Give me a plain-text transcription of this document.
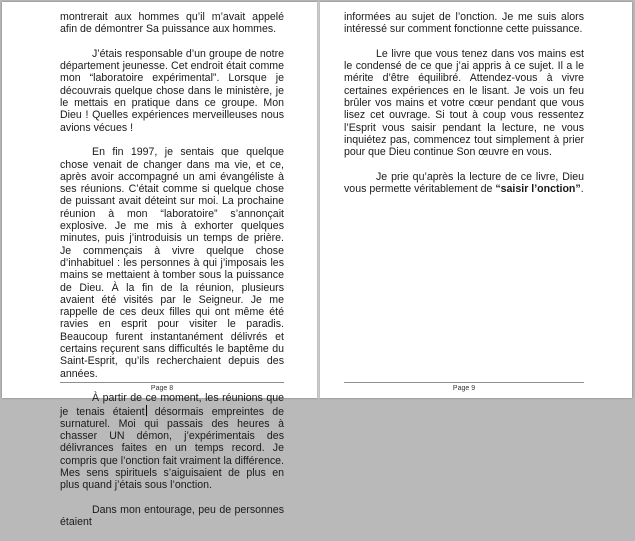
montrerait aux hommes qu’il m’avait appelé afin de démontrer Sa puissance aux hommes.

J’étais responsable d’un groupe de notre département jeunesse. Cet endroit était comme mon “laboratoire expérimental”. Lorsque je découvrais quelque chose dans le ministère, je le mettais en pratique dans ce groupe. Mon Dieu ! Quelles expériences merveilleuses nous avions vécues !

En fin 1997, je sentais que quelque chose venait de changer dans ma vie, et ce, après avoir accompagné un ami évangéliste à ses réunions. C’était comme si quelque chose de puissant avait déteint sur moi. La prochaine réunion à mon “laboratoire” s’annonçait explosive. Je me mis à exhorter quelques minutes, puis j’introduisis un temps de prière. Je commençais à vivre quelque chose d’inhabituel : les personnes à qui j’imposais les mains se mettaient à tomber sous la puissance de Dieu. À la fin de la réunion, plusieurs avaient été visités par le Seigneur. Je me rappelle de ces deux filles qui ont même été ravies en esprit pour visiter le paradis. Beaucoup furent instantanément délivrés et certains reçurent sans difficultés le baptême du Saint-Esprit, qu’ils recherchaient depuis des années.

À partir de ce moment, les réunions que je tenais étaient désormais empreintes de surnaturel. Moi qui passais des heures à chasser UN démon, j’expérimentais des délivrances faites en un temps record. Je compris que l’onction fait vraiment la différence. Mes sens spirituels s’aiguisaient de plus en plus quand j’étais sous l’onction.

Dans mon entourage, peu de personnes étaient

Page 8

informées au sujet de l’onction. Je me suis alors intéressé sur comment fonctionne cette puissance.

Le livre que vous tenez dans vos mains est le condensé de ce que j’ai appris à ce sujet. Il a le mérite d’être équilibré. Attendez-vous à vivre certaines expériences en le lisant. Je vois un feu brûler vos mains et votre cœur pendant que vous lisez cet ouvrage. Si tout à coup vous ressentez l’Esprit vous saisir pendant la lecture, ne vous inquiétez pas, commencez tout simplement à prier pour que Dieu continue Son œuvre en vous.

Je prie qu’après la lecture de ce livre, Dieu vous permette véritablement de “saisir l’onction”.

Page 9
